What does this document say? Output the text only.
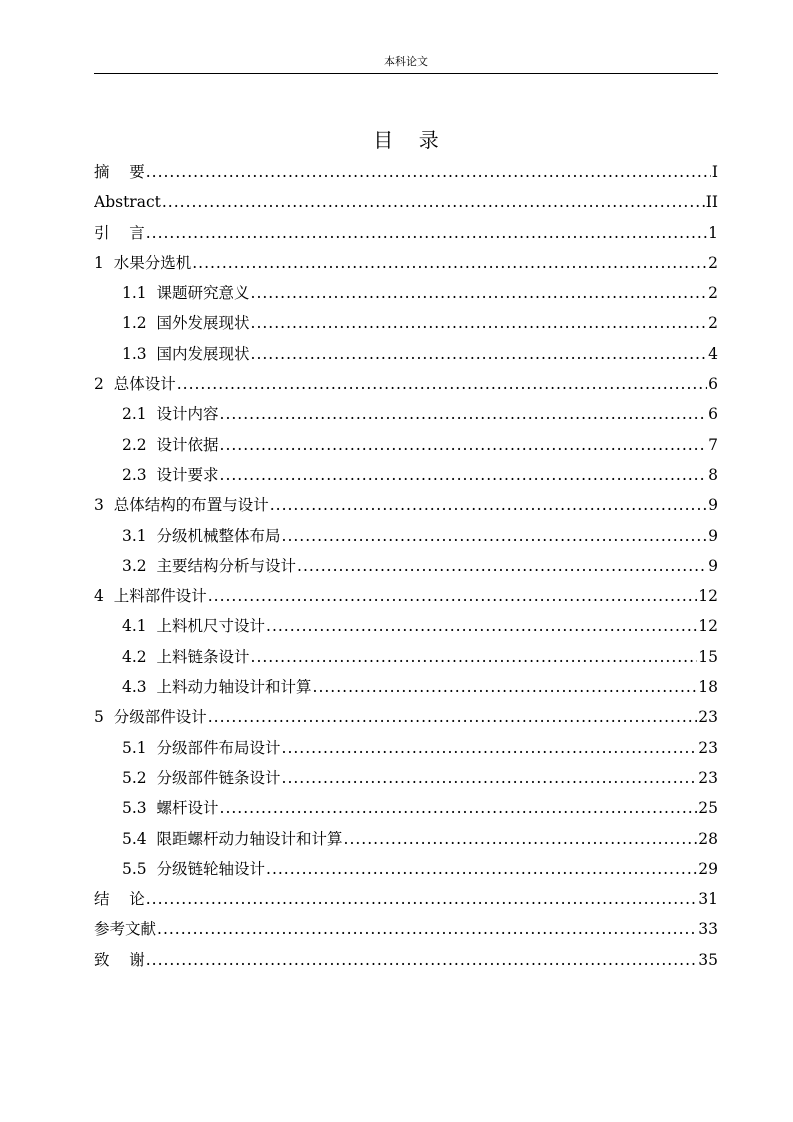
本科论文
目    录
摘    要 .....	I
Abstract .....	II
引    言 .....	1
1  水果分选机 .....	2
1.1  课题研究意义 .....	2
1.2  国外发展现状 .....	2
1.3  国内发展现状 .....	4
2  总体设计 .....	6
2.1  设计内容 .....	6
2.2  设计依据 .....	7
2.3  设计要求 .....	8
3  总体结构的布置与设计 .....	9
3.1  分级机械整体布局 .....	9
3.2  主要结构分析与设计 .....	9
4  上料部件设计 .....	12
4.1  上料机尺寸设计 .....	12
4.2  上料链条设计 .....	15
4.3  上料动力轴设计和计算 .....	18
5  分级部件设计 .....	23
5.1  分级部件布局设计 .....	23
5.2  分级部件链条设计 .....	23
5.3  螺杆设计 .....	25
5.4  限距螺杆动力轴设计和计算 .....	28
5.5  分级链轮轴设计 .....	29
结    论 .....	31
参考文献 .....	33
致    谢 .....	35
